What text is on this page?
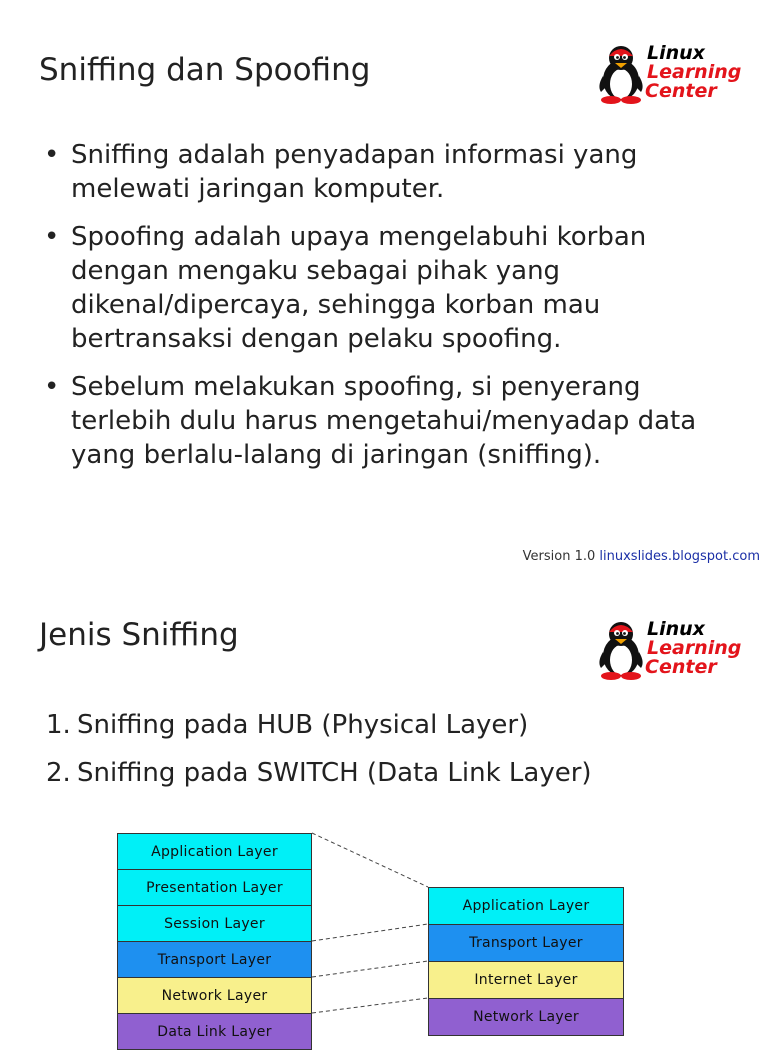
Sniffing dan Spoofing	Linux
Learning
Center
• Sniffing adalah penyadapan informasi yang melewati jaringan komputer.
• Spoofing adalah upaya mengelabuhi korban dengan mengaku sebagai pihak yang dikenal/dipercaya, sehingga korban mau bertransaksi dengan pelaku spoofing.
• Sebelum melakukan spoofing, si penyerang terlebih dulu harus mengetahui/menyadap data yang berlalu-lalang di jaringan (sniffing).
Version 1.0 linuxslides.blogspot.com
Jenis Sniffing	Linux
Learning
Center
1. Sniffing pada HUB (Physical Layer)
2. Sniffing pada SWITCH (Data Link Layer)
Application Layer
Presentation Layer
Session Layer
Transport Layer
Network Layer
Data Link Layer
Application Layer
Transport Layer
Internet Layer
Network Layer
